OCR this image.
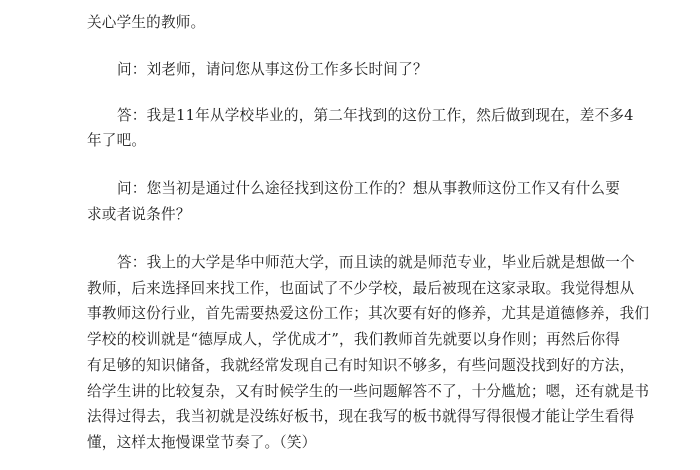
关心学生的教师。
问：刘老师，请问您从事这份工作多长时间了？
答：我是11年从学校毕业的，第二年找到的这份工作，然后做到现在，差不多4
年了吧。
问：您当初是通过什么途径找到这份工作的？想从事教师这份工作又有什么要
求或者说条件？
答：我上的大学是华中师范大学，而且读的就是师范专业，毕业后就是想做一个
教师，后来选择回来找工作，也面试了不少学校，最后被现在这家录取。我觉得想从
事教师这份行业，首先需要热爱这份工作；其次要有好的修养，尤其是道德修养，我们
学校的校训就是“德厚成人，学优成才”，我们教师首先就要以身作则；再然后你得
有足够的知识储备，我就经常发现自己有时知识不够多，有些问题没找到好的方法，
给学生讲的比较复杂，又有时候学生的一些问题解答不了，十分尴尬；嗯，还有就是书
法得过得去，我当初就是没练好板书，现在我写的板书就得写得很慢才能让学生看得
懂，这样太拖慢课堂节奏了。（笑）
